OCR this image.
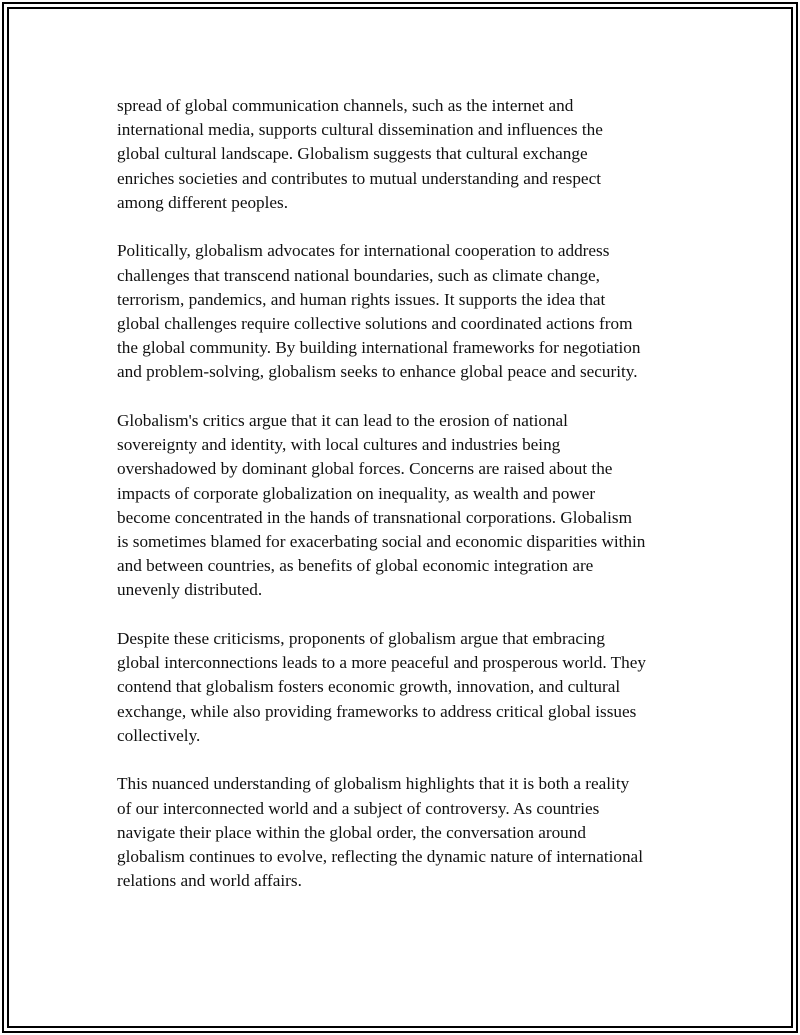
spread of global communication channels, such as the internet and
international media, supports cultural dissemination and influences the
global cultural landscape. Globalism suggests that cultural exchange
enriches societies and contributes to mutual understanding and respect
among different peoples.

Politically, globalism advocates for international cooperation to address
challenges that transcend national boundaries, such as climate change,
terrorism, pandemics, and human rights issues. It supports the idea that
global challenges require collective solutions and coordinated actions from
the global community. By building international frameworks for negotiation
and problem-solving, globalism seeks to enhance global peace and security.

Globalism's critics argue that it can lead to the erosion of national
sovereignty and identity, with local cultures and industries being
overshadowed by dominant global forces. Concerns are raised about the
impacts of corporate globalization on inequality, as wealth and power
become concentrated in the hands of transnational corporations. Globalism
is sometimes blamed for exacerbating social and economic disparities within
and between countries, as benefits of global economic integration are
unevenly distributed.

Despite these criticisms, proponents of globalism argue that embracing
global interconnections leads to a more peaceful and prosperous world. They
contend that globalism fosters economic growth, innovation, and cultural
exchange, while also providing frameworks to address critical global issues
collectively.

This nuanced understanding of globalism highlights that it is both a reality
of our interconnected world and a subject of controversy. As countries
navigate their place within the global order, the conversation around
globalism continues to evolve, reflecting the dynamic nature of international
relations and world affairs.
